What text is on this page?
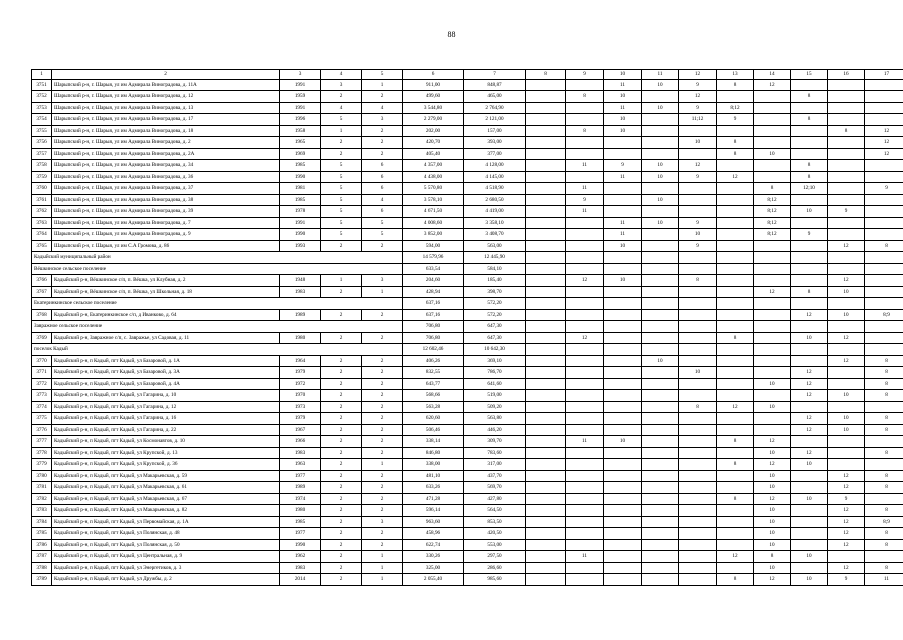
88
1	2	3	4	5	6	7	8	9	10	11	12	13	14	15	16	17
3751	Шарыпский р-н, г. Шарыя, ул им Адмирала Виноградова, д. 11А	1991	3	1	911,00	848,87			11	10	9	8	12			
3752	Шарыпский р-н, г. Шарыя, ул им Адмирала Виноградова, д. 12	1959	2	2	499,60	465,00		8	10		12			8		
3753	Шарыпский р-н, г. Шарыя, ул им Адмирала Виноградова, д. 13	1991	4	4	3 544,80	2 764,90			11	10	9	8;12				
3754	Шарыпский р-н, г. Шарыя, ул им Адмирала Виноградова, д. 17	1996	5	3	2 279,00	2 121,00			10		11;12	9		8		
3755	Шарыпский р-н, г. Шарыя, ул им Адмирала Виноградова, д. 18	1958	1	2	202,00	157,00		8	10						8	12
3756	Шарыпский р-н, г. Шарыя, ул им Адмирала Виноградова, д. 2	1965	2	2	420,70	393,00					10	8				12
3757	Шарыпский р-н, г. Шарыя, ул им Адмирала Виноградова, д. 2А	1969	2	2	405,40	377,00						8	10			12
3758	Шарыпский р-н, г. Шарыя, ул им Адмирала Виноградова, д. 34	1985	5	6	4 357,00	4 128,00		11	9	10	12			8		
3759	Шарыпский р-н, г. Шарыя, ул им Адмирала Виноградова, д. 36	1990	5	6	4 438,00	4 145,00			11	10	9	12		8		
3760	Шарыпский р-н, г. Шарыя, ул им Адмирала Виноградова, д. 37	1981	5	6	5 570,80	4 518,90		11					8	12;10		9
3761	Шарыпский р-н, г. Шарыя, ул им Адмирала Виноградова, д. 38	1985	5	4	3 578,10	2 680,50		9		10			8;12			
3762	Шарыпский р-н, г. Шарыя, ул им Адмирала Виноградова, д. 39	1978	5	6	4 671,50	4 419,00		11					8;12	10	9	
3763	Шарыпский р-н, г. Шарыя, ул им Адмирала Виноградова, д. 7	1991	5	5	4 008,60	3 358,10			11	10	9		8;12			
3764	Шарыпский р-н, г. Шарыя, ул им Адмирала Виноградова, д. 9	1990	5	5	3 852,00	3 408,70			11		10		8;12	9		
3765	Шарыпский р-н, г. Шарыя, ул им С.А Громова, д. 86	1993	2	2	594,00	563,00			10		9				12	8
Кадыйский муниципальный район					14 579,96	12 445,90										
Вёшкинское сельское поселение					633,54	584,10										
3766	Кадыйский р-н, Вёшкинское с/п, п. Вёшка, ул Клубная, д. 2	1948	1	3	204,60	185,40		12	10		8				12	
3767	Кадыйский р-н, Вёшкинское с/п, п. Вёшка, ул Школьная, д. 18	1983	2	1	428,94	398,70							12	8	10	
Екатеринкинское сельское поселение					637,16	572,20										
3768	Кадыйский р-н, Екатеринкинское с/п, д Иванково, д. 64	1989	2	2	637,16	572,20								12	10	8;9
Завражное сельское поселение					706,80	647,30										
3769	Кадыйский р-н, Завражное с/п, с. Завражье, ул Садовая, д. 11	1980	2	2	706,80	647,30		12				8		10	12	
поселок Кадый					12 602,46	10 642,30										
3770	Кадыйский р-н, п Кадый, пгт Кадый, ул Базаровой, д. 1А	1964	2	2	406,26	369,10				10					12	8
3771	Кадыйский р-н, п Кадый, пгт Кадый, ул Базаровой, д. 3А	1979	2	2	832,55	786,70					10			12		8
3772	Кадыйский р-н, п Кадый, пгт Кадый, ул Базаровой, д. 4А	1972	2	2	643,77	641,60							10	12		8
3773	Кадыйский р-н, п Кадый, пгт Кадый, ул Гагарина, д. 10	1970	2	2	568,66	519,00								12	10	8
3774	Кадыйский р-н, п Кадый, пгт Кадый, ул Гагарина, д. 12	1973	2	2	563,28	509,20					8	12	10			
3775	Кадыйский р-н, п Кадый, пгт Кадый, ул Гагарина, д. 16	1979	2	2	620,60	563,80								12	10	8
3776	Кадыйский р-н, п Кадый, пгт Кадый, ул Гагарина, д. 22	1967	2	2	506,46	446,20								12	10	8
3777	Кадыйский р-н, п Кадый, пгт Кадый, ул Космонавтов, д. 10	1966	2	2	338,14	309,70		11	10			8	12			
3778	Кадыйский р-н, п Кадый, пгт Кадый, ул Крупской, д. 13	1983	2	2	846,80	783,60							10	12		8
3779	Кадыйский р-н, п Кадый, пгт Кадый, ул Крупской, д. 36	1963	2	1	338,00	317,00						8	12	10		
3780	Кадыйский р-н, п Кадый, пгт Кадый, ул Макарьевская, д. 59	1977	2	2	481,10	437,70							10		12	8
3781	Кадыйский р-н, п Кадый, пгт Кадый, ул Макарьевская, д. 61	1989	2	2	633,26	569,70							10		12	8
3782	Кадыйский р-н, п Кадый, пгт Кадый, ул Макарьевская, д. 67	1974	2	2	471,28	427,80						8	12	10	9	
3783	Кадыйский р-н, п Кадый, пгт Кадый, ул Макарьевская, д. 82	1980	2	2	596,14	564,50							10		12	8
3784	Кадыйский р-н, п Кадый, пгт Кадый, ул Первомайская, д. 1А	1985	2	3	963,60	853,50							10		12	8;9
3785	Кадыйский р-н, п Кадый, пгт Кадый, ул Полянская, д. 48	1977	2	2	458,96	420,50							10		12	8
3786	Кадыйский р-н, п Кадый, пгт Кадый, ул Полянская, д. 50	1990	2	2	622,74	553,00							10		12	8
3787	Кадыйский р-н, п Кадый, пгт Кадый, ул Центральная, д. 9	1962	2	1	330,26	297,50		11				12	8	10		
3788	Кадыйский р-н, п Кадый, пгт Кадый, ул Энергетиков, д. 3	1983	2	1	325,00	286,60							10		12	8
3789	Кадыйский р-н, п Кадый, пгт Кадый, ул Дружбы, д. 2	2014	2	1	2 055,40	985,60						8	12	10	9	11
